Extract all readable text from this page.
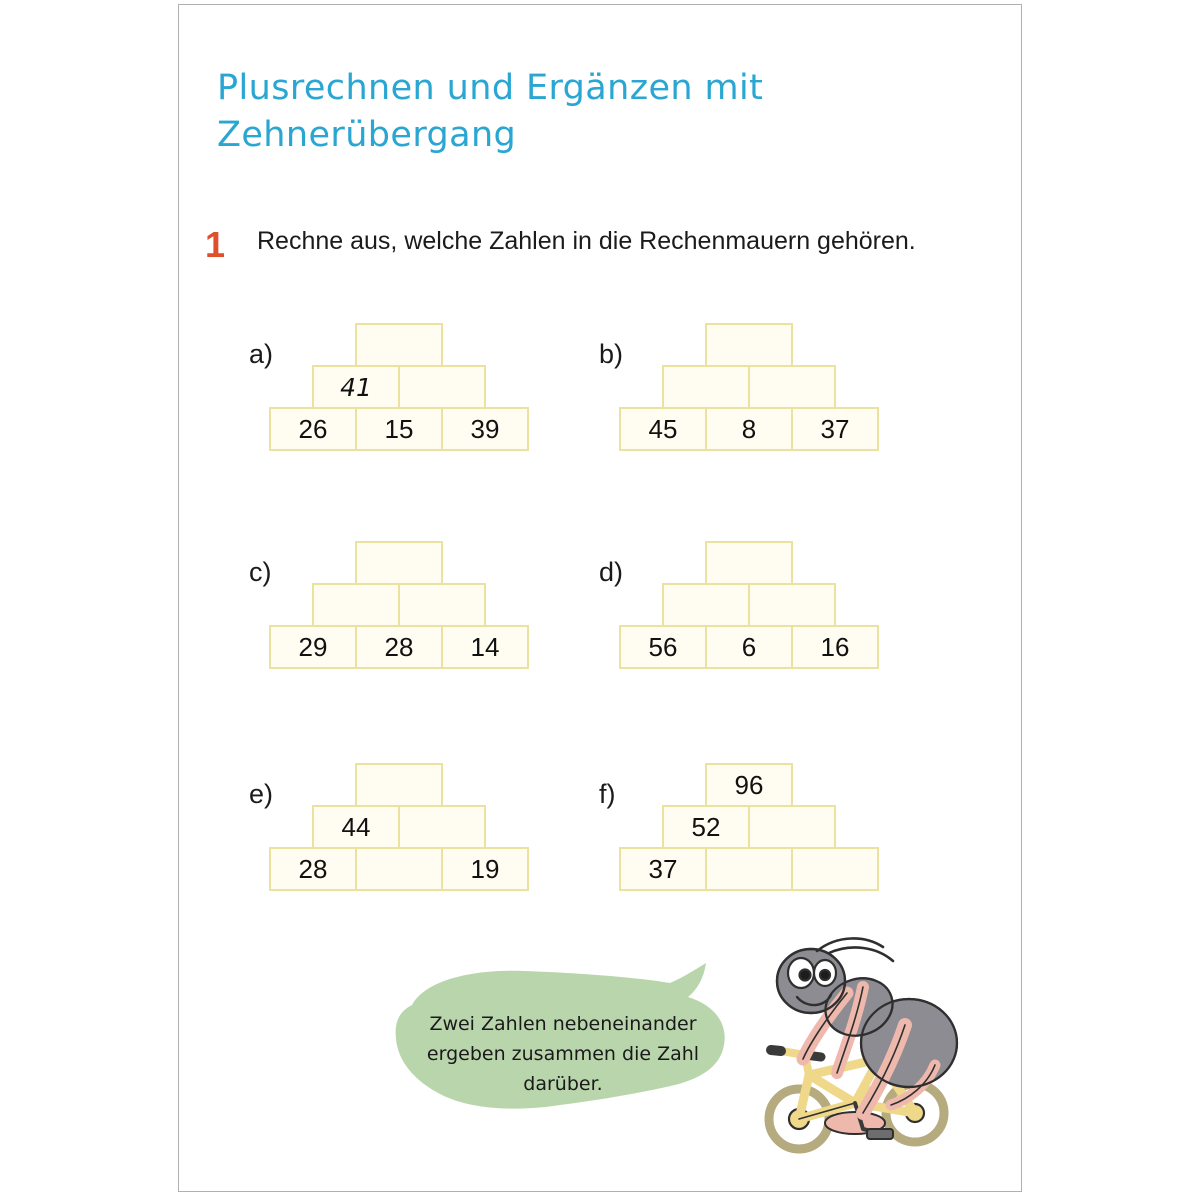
Plusrechnen und Ergänzen mit
Zehnerübergang
1	Rechne aus, welche Zahlen in die Rechenmauern gehören.
a)
41
26	15	39
b)
45	8	37
c)
29	28	14
d)
56	6	16
e)
44
28	19
f)	96
52
37
Zwei Zahlen nebeneinander ergeben zusammen die Zahl darüber.
